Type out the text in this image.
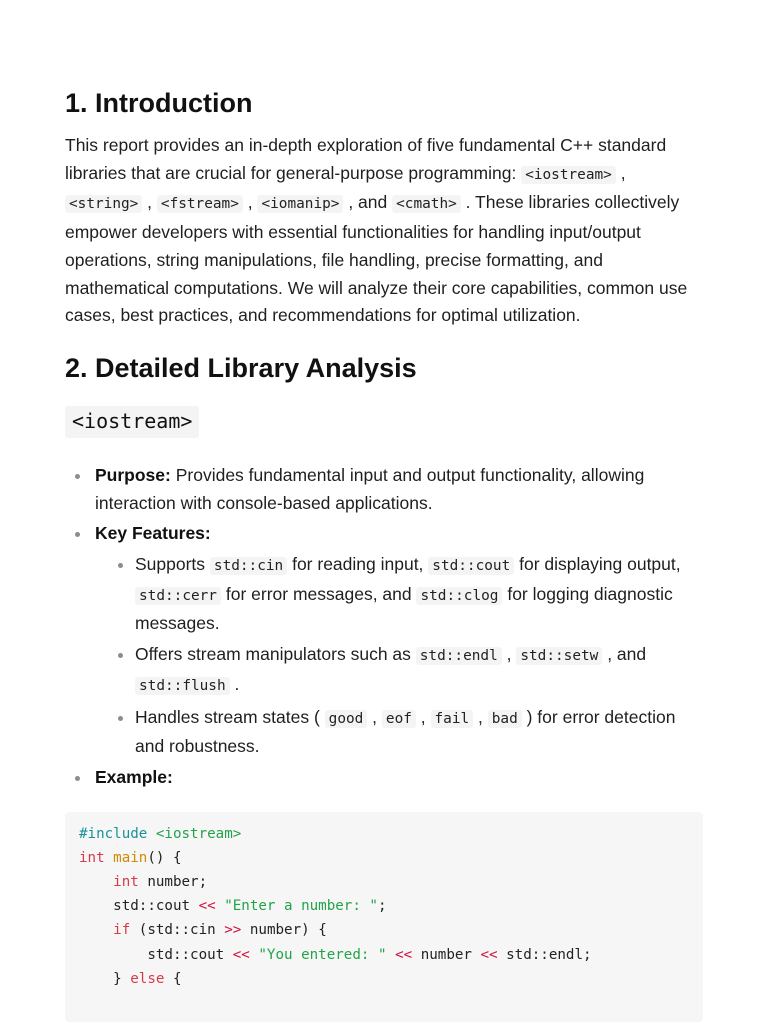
1. Introduction

This report provides an in-depth exploration of five fundamental C++ standard libraries that are crucial for general-purpose programming: <iostream> , <string> , <fstream> , <iomanip> , and <cmath> . These libraries collectively empower developers with essential functionalities for handling input/output operations, string manipulations, file handling, precise formatting, and mathematical computations. We will analyze their core capabilities, common use cases, best practices, and recommendations for optimal utilization.

2. Detailed Library Analysis
<iostream>
Purpose: Provides fundamental input and output functionality, allowing interaction with console-based applications.
Key Features:
Supports std::cin for reading input, std::cout for displaying output, std::cerr for error messages, and std::clog for logging diagnostic messages.
Offers stream manipulators such as std::endl , std::setw , and std::flush .
Handles stream states ( good , eof , fail , bad ) for error detection and robustness.
Example:
#include <iostream>
int main() {
int number;
std::cout << "Enter a number: ";
if (std::cin >> number) {
std::cout << "You entered: " << number << std::endl;
} else {
